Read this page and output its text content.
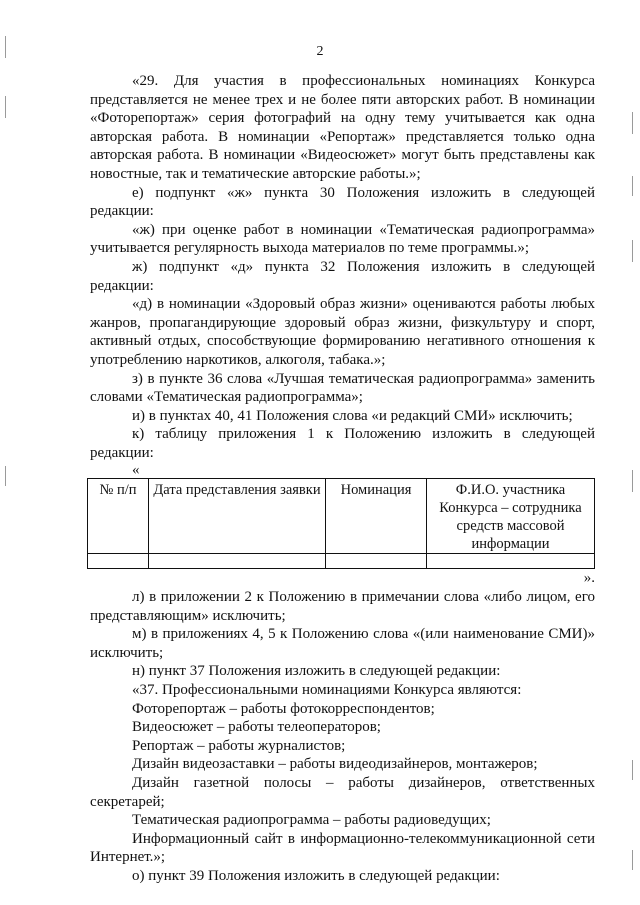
2

«29. Для участия в профессиональных номинациях Конкурса представляется не менее трех и не более пяти авторских работ. В номинации «Фоторепортаж» серия фотографий на одну тему учитывается как одна авторская работа. В номинации «Репортаж» представляется только одна авторская работа. В номинации «Видеосюжет» могут быть представлены как новостные, так и тематические авторские работы.»;

е) подпункт «ж» пункта 30 Положения изложить в следующей редакции:

«ж) при оценке работ в номинации «Тематическая радиопрограмма» учитывается регулярность выхода материалов по теме программы.»;

ж) подпункт «д» пункта 32 Положения изложить в следующей редакции:

«д) в номинации «Здоровый образ жизни» оцениваются работы любых жанров, пропагандирующие здоровый образ жизни, физкультуру и спорт, активный отдых, способствующие формированию негативного отношения к употреблению наркотиков, алкоголя, табака.»;

з) в пункте 36 слова «Лучшая тематическая радиопрограмма» заменить словами «Тематическая радиопрограмма»;

и) в пунктах 40, 41 Положения слова «и редакций СМИ» исключить;

к) таблицу приложения 1 к Положению изложить в следующей редакции:

«

№ п/п	Дата представления заявки	Номинация	Ф.И.О. участника Конкурса – сотрудника средств массовой информации

».

л) в приложении 2 к Положению в примечании слова «либо лицом, его представляющим» исключить;

м) в приложениях 4, 5 к Положению слова «(или наименование СМИ)» исключить;

н) пункт 37 Положения изложить в следующей редакции:

«37. Профессиональными номинациями Конкурса являются:

Фоторепортаж – работы фотокорреспондентов;

Видеосюжет – работы телеоператоров;

Репортаж – работы журналистов;

Дизайн видеозаставки – работы видеодизайнеров, монтажеров;

Дизайн газетной полосы – работы дизайнеров, ответственных секретарей;

Тематическая радиопрограмма – работы радиоведущих;

Информационный сайт в информационно-телекоммуникационной сети Интернет.»;

о) пункт 39 Положения изложить в следующей редакции:
